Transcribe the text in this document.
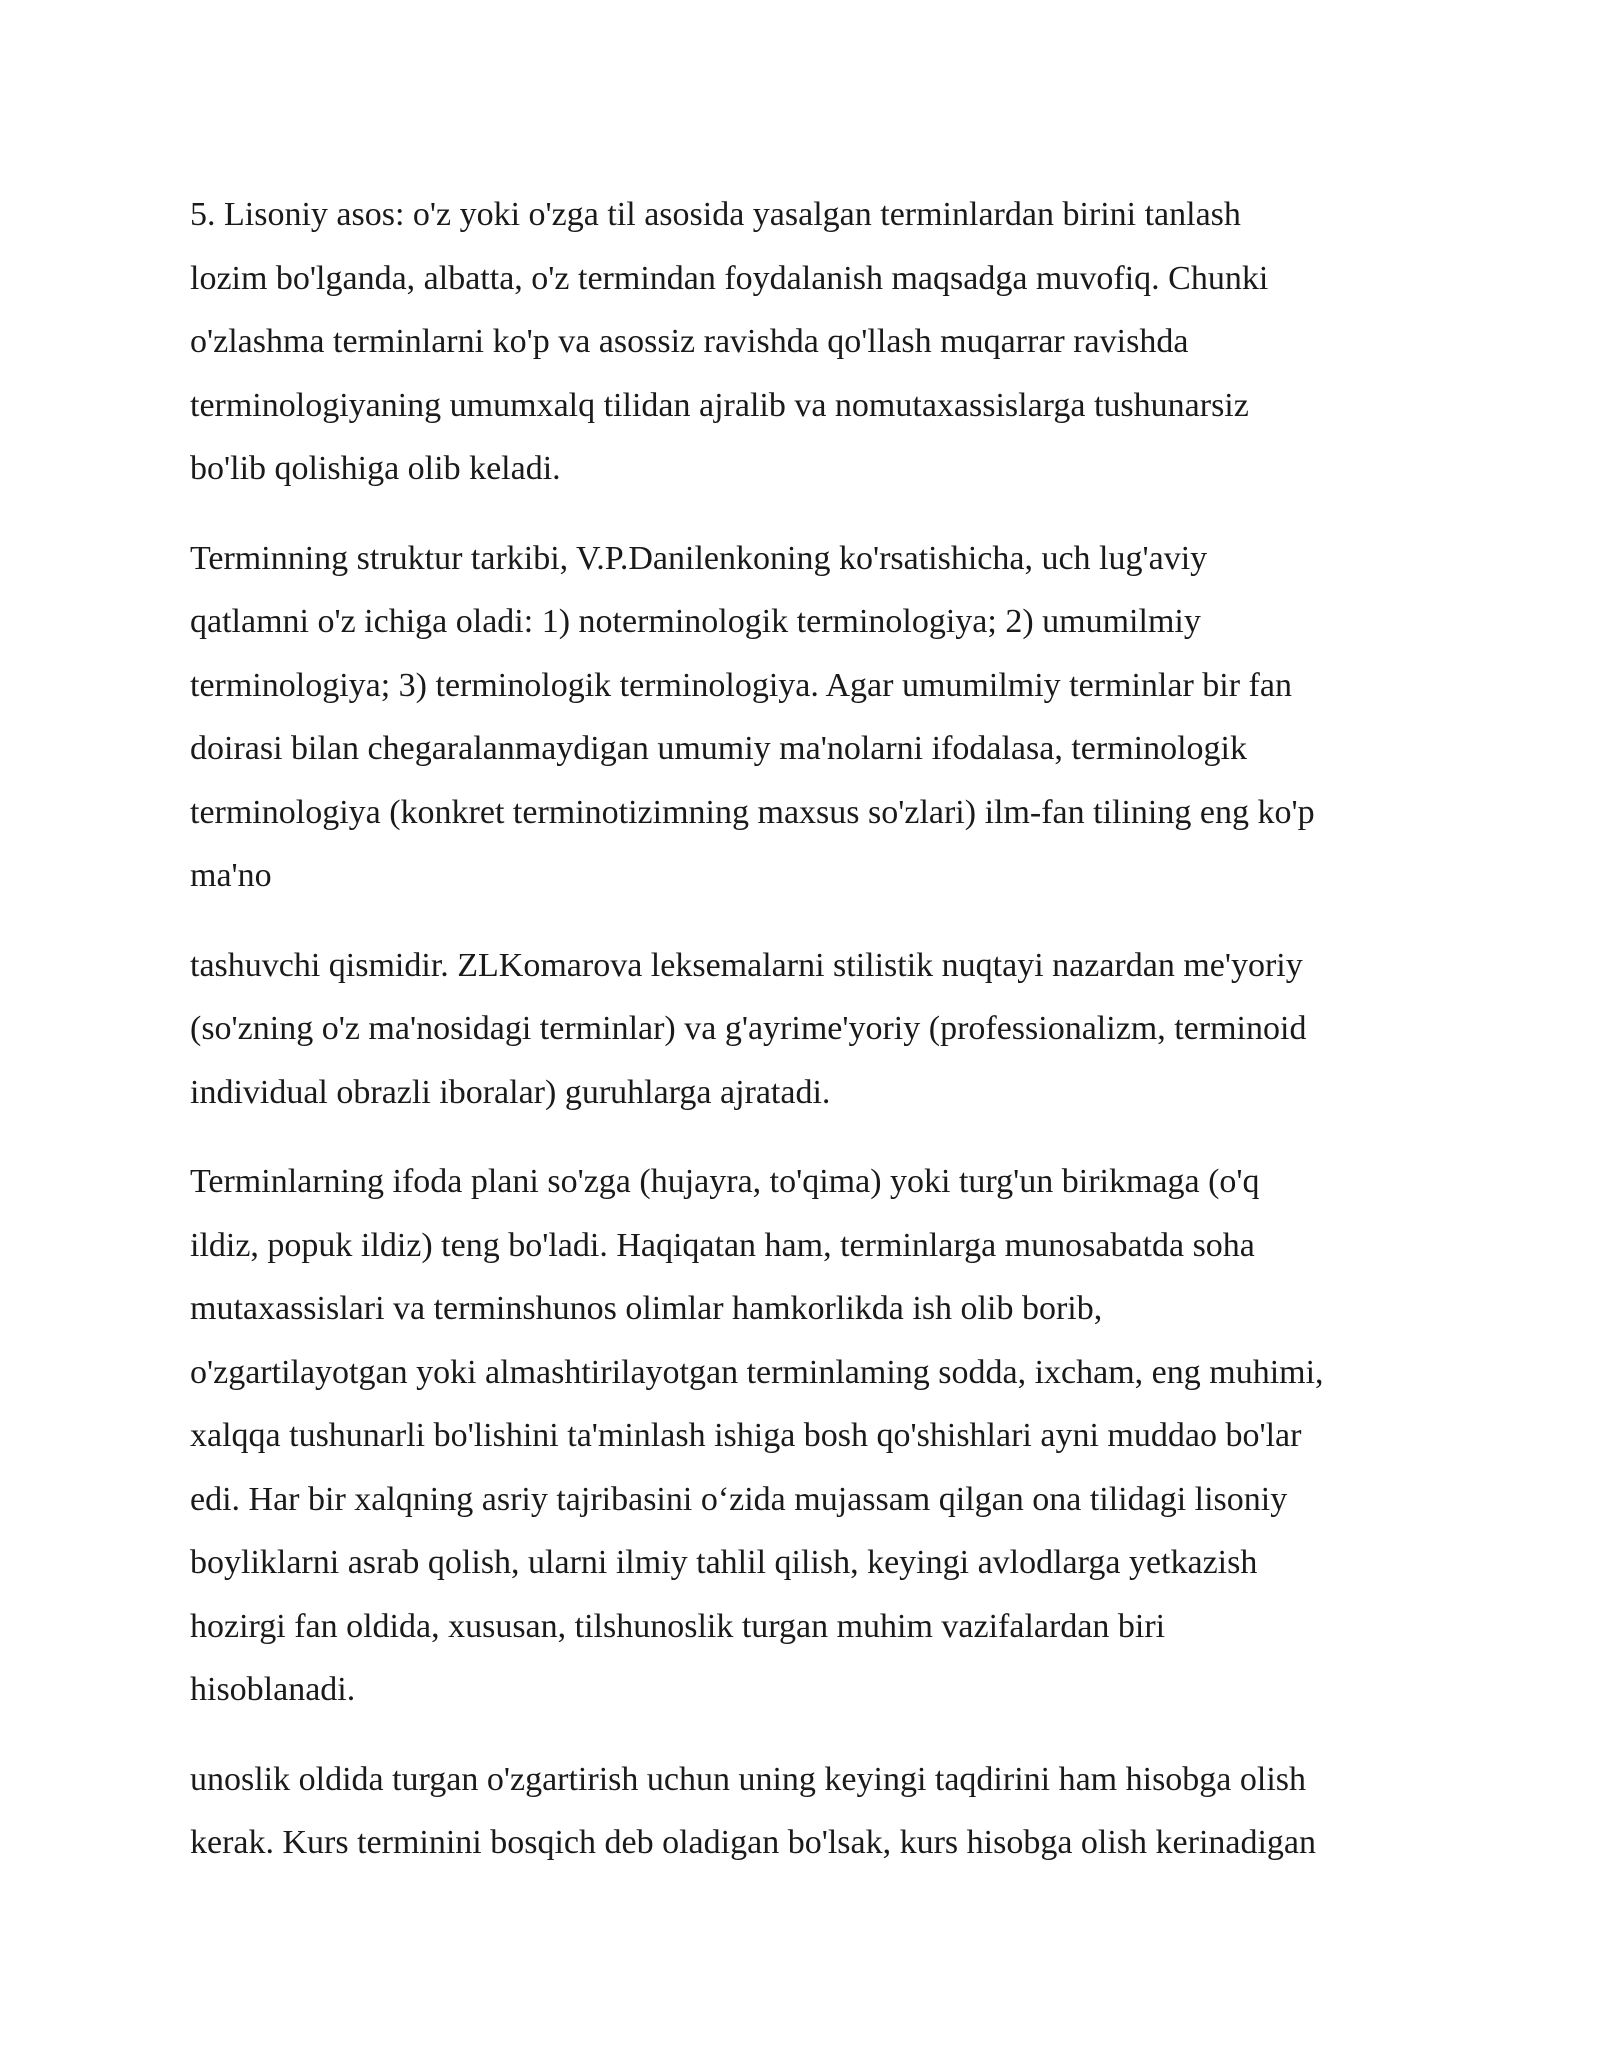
5. Lisoniy asos: o'z yoki o'zga til asosida yasalgan terminlardan birini tanlash
lozim bo'lganda, albatta, o'z termindan foydalanish maqsadga muvofiq. Chunki
o'zlashma terminlarni ko'p va asossiz ravishda qo'llash muqarrar ravishda
terminologiyaning umumxalq tilidan ajralib va nomutaxassislarga tushunarsiz
bo'lib qolishiga olib keladi.

Terminning struktur tarkibi, V.P.Danilenkoning ko'rsatishicha, uch lug'aviy
qatlamni o'z ichiga oladi: 1) noterminologik terminologiya; 2) umumilmiy
terminologiya; 3) terminologik terminologiya. Agar umumilmiy terminlar bir fan
doirasi bilan chegaralanmaydigan umumiy ma'nolarni ifodalasa, terminologik
terminologiya (konkret terminotizimning maxsus so'zlari) ilm-fan tilining eng ko'p
ma'no

tashuvchi qismidir. ZLKomarova leksemalarni stilistik nuqtayi nazardan me'yoriy
(so'zning o'z ma'nosidagi terminlar) va g'ayrime'yoriy (professionalizm, terminoid
individual obrazli iboralar) guruhlarga ajratadi.

Terminlarning ifoda plani so'zga (hujayra, to'qima) yoki turg'un birikmaga (o'q
ildiz, popuk ildiz) teng bo'ladi. Haqiqatan ham, terminlarga munosabatda soha
mutaxassislari va terminshunos olimlar hamkorlikda ish olib borib,
o'zgartilayotgan yoki almashtirilayotgan terminlaming sodda, ixcham, eng muhimi,
xalqqa tushunarli bo'lishini ta'minlash ishiga bosh qo'shishlari ayni muddao bo'lar
edi. Har bir xalqning asriy tajribasini o‘zida mujassam qilgan ona tilidagi lisoniy
boyliklarni asrab qolish, ularni ilmiy tahlil qilish, keyingi avlodlarga yetkazish
hozirgi fan oldida, xususan, tilshunoslik turgan muhim vazifalardan biri
hisoblanadi.

unoslik oldida turgan o'zgartirish uchun uning keyingi taqdirini ham hisobga olish
kerak. Kurs terminini bosqich deb oladigan bo'lsak, kurs hisobga olish kerinadigan
